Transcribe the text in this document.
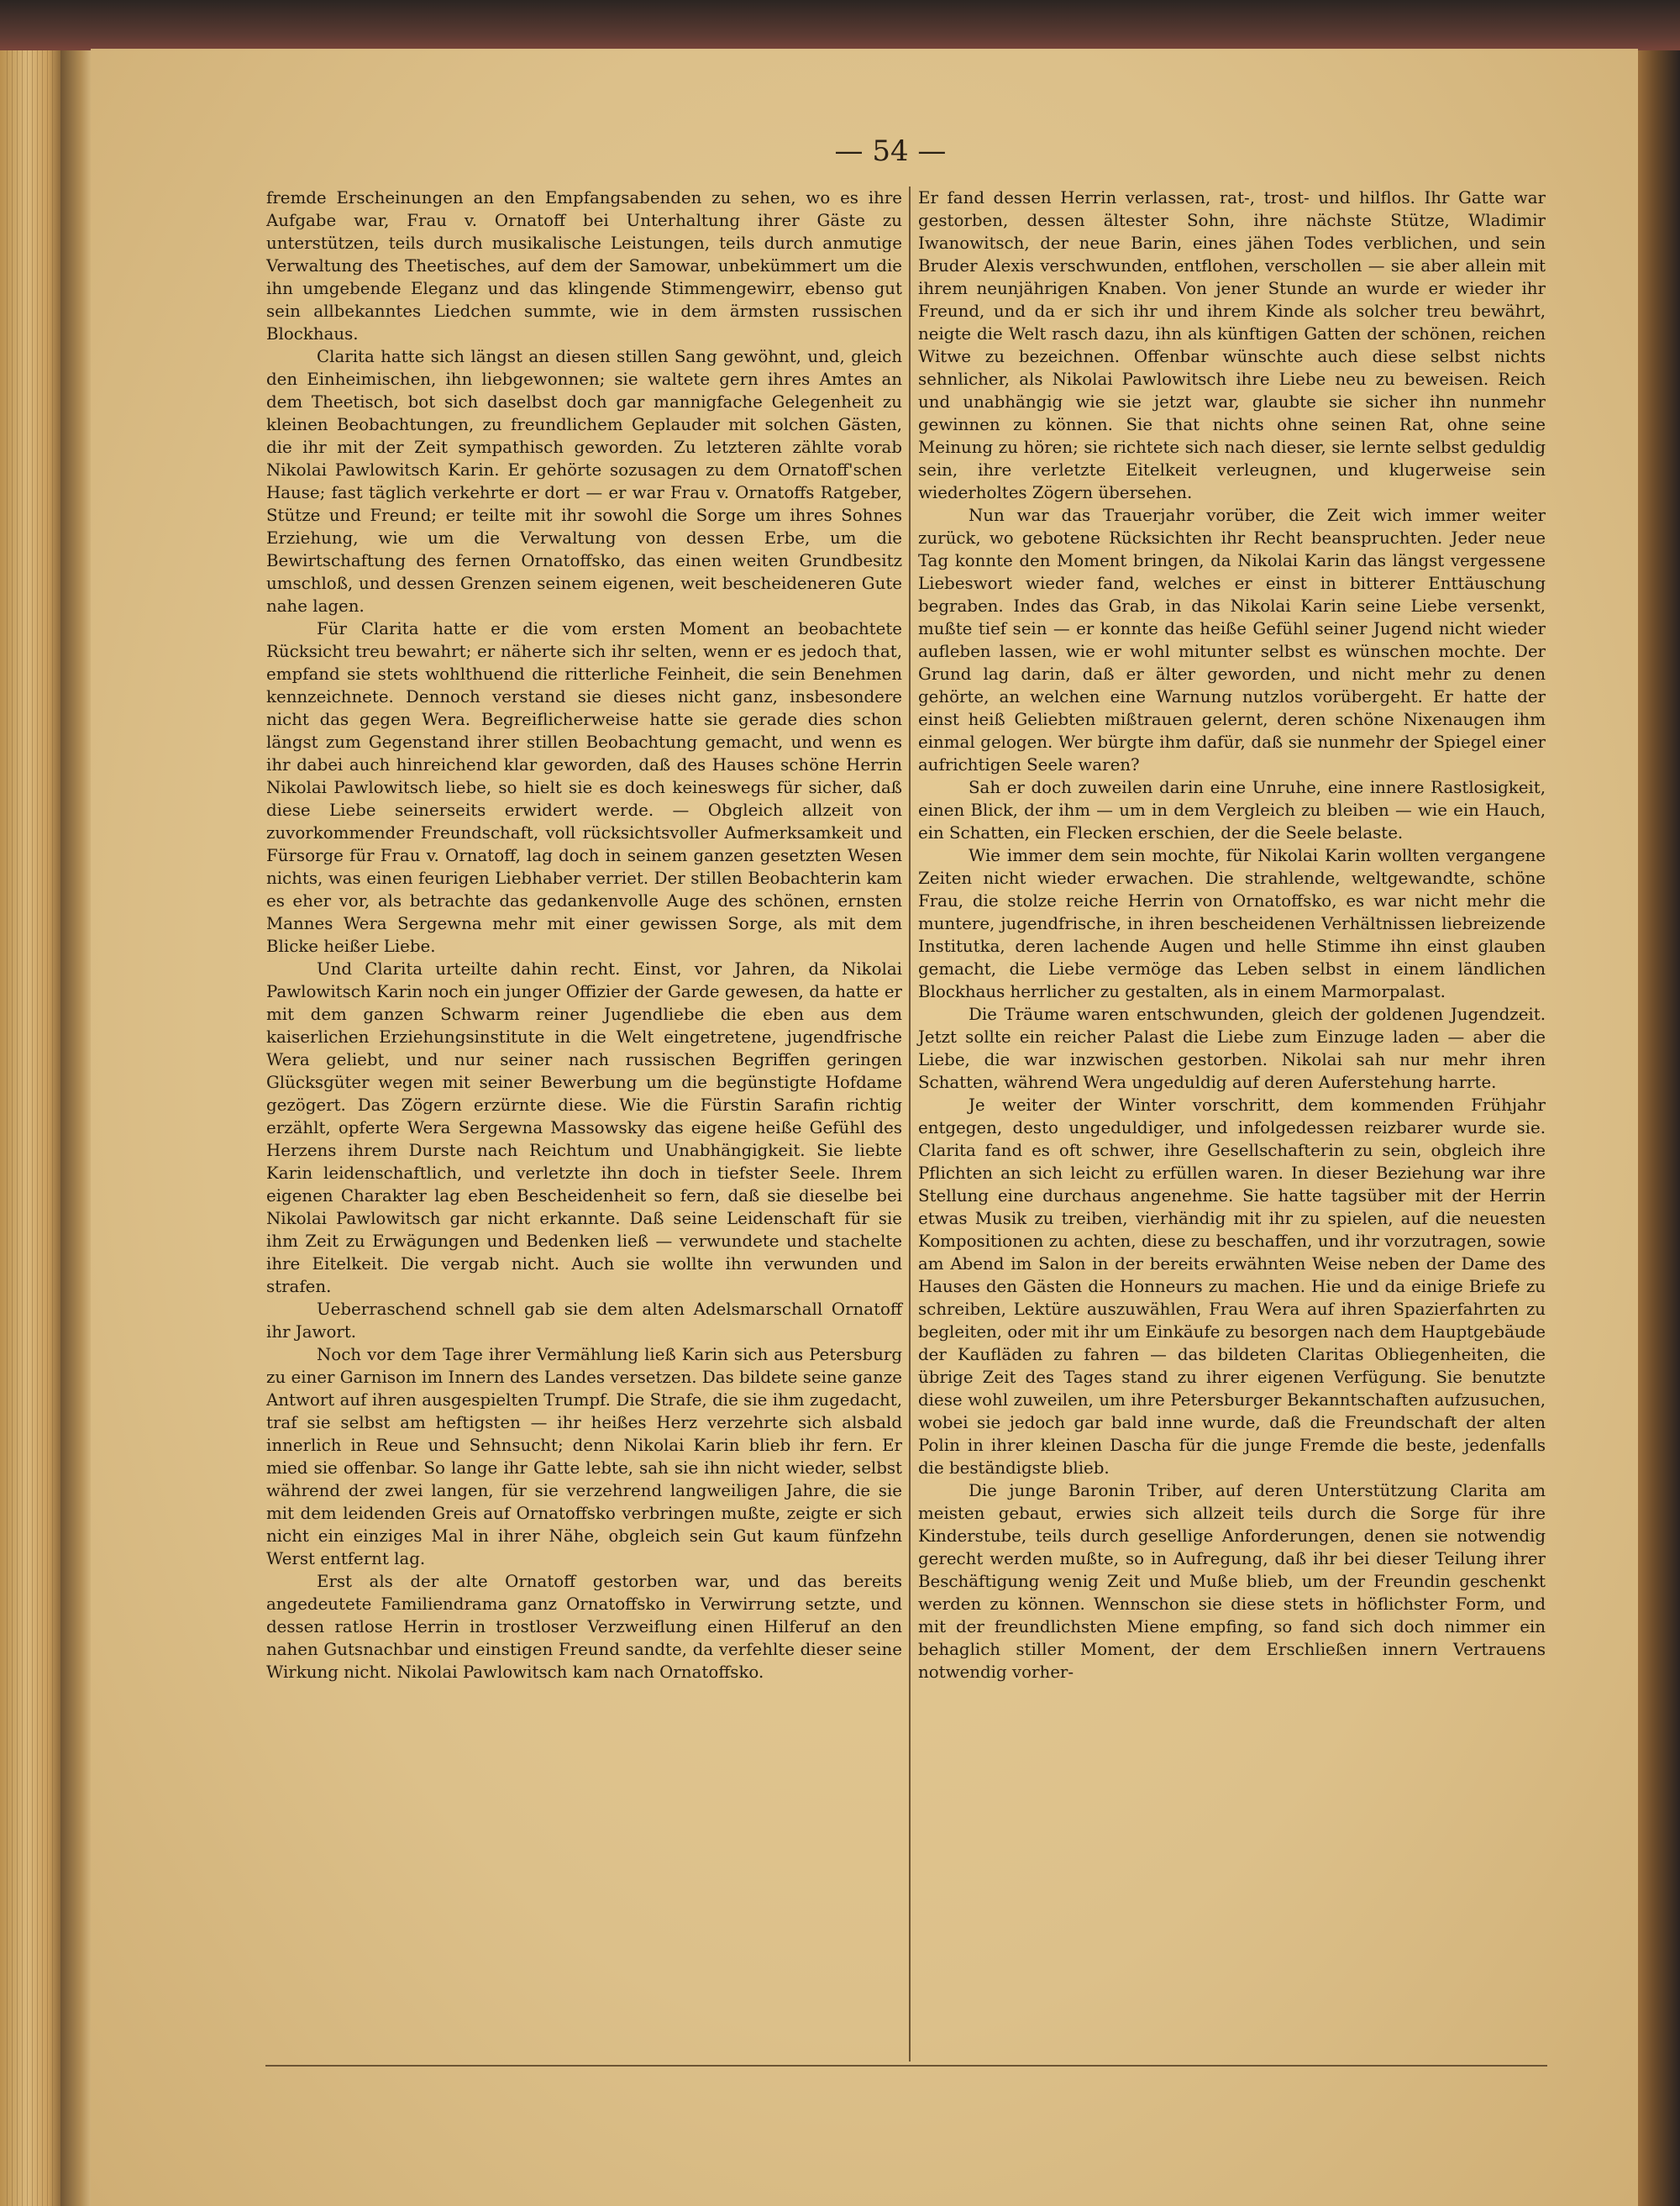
— 54 —

fremde Erscheinungen an den Empfangsabenden zu sehen, wo es ihre Aufgabe war, Frau v. Ornatoff bei Unterhaltung ihrer Gäste zu unterstützen, teils durch musikalische Leistungen, teils durch anmutige Verwaltung des Theetisches, auf dem der Samowar, unbekümmert um die ihn umgebende Eleganz und das klingende Stimmengewirr, ebenso gut sein allbekanntes Liedchen summte, wie in dem ärmsten russischen Blockhaus.

Clarita hatte sich längst an diesen stillen Sang gewöhnt, und, gleich den Einheimischen, ihn liebgewonnen; sie waltete gern ihres Amtes an dem Theetisch, bot sich daselbst doch gar mannigfache Gelegenheit zu kleinen Beobachtungen, zu freundlichem Geplauder mit solchen Gästen, die ihr mit der Zeit sympathisch geworden. Zu letzteren zählte vorab Nikolai Pawlowitsch Karin. Er gehörte sozusagen zu dem Ornatoff'schen Hause; fast täglich verkehrte er dort — er war Frau v. Ornatoffs Ratgeber, Stütze und Freund; er teilte mit ihr sowohl die Sorge um ihres Sohnes Erziehung, wie um die Verwaltung von dessen Erbe, um die Bewirtschaftung des fernen Ornatoffsko, das einen weiten Grundbesitz umschloß, und dessen Grenzen seinem eigenen, weit bescheideneren Gute nahe lagen.

Für Clarita hatte er die vom ersten Moment an beobachtete Rücksicht treu bewahrt; er näherte sich ihr selten, wenn er es jedoch that, empfand sie stets wohlthuend die ritterliche Feinheit, die sein Benehmen kennzeichnete. Dennoch verstand sie dieses nicht ganz, insbesondere nicht das gegen Wera. Begreiflicherweise hatte sie gerade dies schon längst zum Gegenstand ihrer stillen Beobachtung gemacht, und wenn es ihr dabei auch hinreichend klar geworden, daß des Hauses schöne Herrin Nikolai Pawlowitsch liebe, so hielt sie es doch keineswegs für sicher, daß diese Liebe seinerseits erwidert werde. — Obgleich allzeit von zuvorkommender Freundschaft, voll rücksichtsvoller Aufmerksamkeit und Fürsorge für Frau v. Ornatoff, lag doch in seinem ganzen gesetzten Wesen nichts, was einen feurigen Liebhaber verriet. Der stillen Beobachterin kam es eher vor, als betrachte das gedankenvolle Auge des schönen, ernsten Mannes Wera Sergewna mehr mit einer gewissen Sorge, als mit dem Blicke heißer Liebe.

Und Clarita urteilte dahin recht. Einst, vor Jahren, da Nikolai Pawlowitsch Karin noch ein junger Offizier der Garde gewesen, da hatte er mit dem ganzen Schwarm reiner Jugendliebe die eben aus dem kaiserlichen Erziehungsinstitute in die Welt eingetretene, jugendfrische Wera geliebt, und nur seiner nach russischen Begriffen geringen Glücksgüter wegen mit seiner Bewerbung um die begünstigte Hofdame gezögert. Das Zögern erzürnte diese. Wie die Fürstin Sarafin richtig erzählt, opferte Wera Sergewna Massowsky das eigene heiße Gefühl des Herzens ihrem Durste nach Reichtum und Unabhängigkeit. Sie liebte Karin leidenschaftlich, und verletzte ihn doch in tiefster Seele. Ihrem eigenen Charakter lag eben Bescheidenheit so fern, daß sie dieselbe bei Nikolai Pawlowitsch gar nicht erkannte. Daß seine Leidenschaft für sie ihm Zeit zu Erwägungen und Bedenken ließ — verwundete und stachelte ihre Eitelkeit. Die vergab nicht. Auch sie wollte ihn verwunden und strafen.

Ueberraschend schnell gab sie dem alten Adelsmarschall Ornatoff ihr Jawort.

Noch vor dem Tage ihrer Vermählung ließ Karin sich aus Petersburg zu einer Garnison im Innern des Landes versetzen. Das bildete seine ganze Antwort auf ihren ausgespielten Trumpf. Die Strafe, die sie ihm zugedacht, traf sie selbst am heftigsten — ihr heißes Herz verzehrte sich alsbald innerlich in Reue und Sehnsucht; denn Nikolai Karin blieb ihr fern. Er mied sie offenbar. So lange ihr Gatte lebte, sah sie ihn nicht wieder, selbst während der zwei langen, für sie verzehrend langweiligen Jahre, die sie mit dem leidenden Greis auf Ornatoffsko verbringen mußte, zeigte er sich nicht ein einziges Mal in ihrer Nähe, obgleich sein Gut kaum fünfzehn Werst entfernt lag.

Erst als der alte Ornatoff gestorben war, und das bereits angedeutete Familiendrama ganz Ornatoffsko in Verwirrung setzte, und dessen ratlose Herrin in trostloser Verzweiflung einen Hilferuf an den nahen Gutsnachbar und einstigen Freund sandte, da verfehlte dieser seine Wirkung nicht. Nikolai Pawlowitsch kam nach Ornatoffsko.

Er fand dessen Herrin verlassen, rat-, trost- und hilflos. Ihr Gatte war gestorben, dessen ältester Sohn, ihre nächste Stütze, Wladimir Iwanowitsch, der neue Barin, eines jähen Todes verblichen, und sein Bruder Alexis verschwunden, entflohen, verschollen — sie aber allein mit ihrem neunjährigen Knaben. Von jener Stunde an wurde er wieder ihr Freund, und da er sich ihr und ihrem Kinde als solcher treu bewährt, neigte die Welt rasch dazu, ihn als künftigen Gatten der schönen, reichen Witwe zu bezeichnen. Offenbar wünschte auch diese selbst nichts sehnlicher, als Nikolai Pawlowitsch ihre Liebe neu zu beweisen. Reich und unabhängig wie sie jetzt war, glaubte sie sicher ihn nunmehr gewinnen zu können. Sie that nichts ohne seinen Rat, ohne seine Meinung zu hören; sie richtete sich nach dieser, sie lernte selbst geduldig sein, ihre verletzte Eitelkeit verleugnen, und klugerweise sein wiederholtes Zögern übersehen.

Nun war das Trauerjahr vorüber, die Zeit wich immer weiter zurück, wo gebotene Rücksichten ihr Recht beanspruchten. Jeder neue Tag konnte den Moment bringen, da Nikolai Karin das längst vergessene Liebeswort wieder fand, welches er einst in bitterer Enttäuschung begraben. Indes das Grab, in das Nikolai Karin seine Liebe versenkt, mußte tief sein — er konnte das heiße Gefühl seiner Jugend nicht wieder aufleben lassen, wie er wohl mitunter selbst es wünschen mochte. Der Grund lag darin, daß er älter geworden, und nicht mehr zu denen gehörte, an welchen eine Warnung nutzlos vorübergeht. Er hatte der einst heiß Geliebten mißtrauen gelernt, deren schöne Nixenaugen ihm einmal gelogen. Wer bürgte ihm dafür, daß sie nunmehr der Spiegel einer aufrichtigen Seele waren?

Sah er doch zuweilen darin eine Unruhe, eine innere Rastlosigkeit, einen Blick, der ihm — um in dem Vergleich zu bleiben — wie ein Hauch, ein Schatten, ein Flecken erschien, der die Seele belaste.

Wie immer dem sein mochte, für Nikolai Karin wollten vergangene Zeiten nicht wieder erwachen. Die strahlende, weltgewandte, schöne Frau, die stolze reiche Herrin von Ornatoffsko, es war nicht mehr die muntere, jugendfrische, in ihren bescheidenen Verhältnissen liebreizende Institutka, deren lachende Augen und helle Stimme ihn einst glauben gemacht, die Liebe vermöge das Leben selbst in einem ländlichen Blockhaus herrlicher zu gestalten, als in einem Marmorpalast.

Die Träume waren entschwunden, gleich der goldenen Jugendzeit. Jetzt sollte ein reicher Palast die Liebe zum Einzuge laden — aber die Liebe, die war inzwischen gestorben. Nikolai sah nur mehr ihren Schatten, während Wera ungeduldig auf deren Auferstehung harrte.

Je weiter der Winter vorschritt, dem kommenden Frühjahr entgegen, desto ungeduldiger, und infolgedessen reizbarer wurde sie. Clarita fand es oft schwer, ihre Gesellschafterin zu sein, obgleich ihre Pflichten an sich leicht zu erfüllen waren. In dieser Beziehung war ihre Stellung eine durchaus angenehme. Sie hatte tagsüber mit der Herrin etwas Musik zu treiben, vierhändig mit ihr zu spielen, auf die neuesten Kompositionen zu achten, diese zu beschaffen, und ihr vorzutragen, sowie am Abend im Salon in der bereits erwähnten Weise neben der Dame des Hauses den Gästen die Honneurs zu machen. Hie und da einige Briefe zu schreiben, Lektüre auszuwählen, Frau Wera auf ihren Spazierfahrten zu begleiten, oder mit ihr um Einkäufe zu besorgen nach dem Hauptgebäude der Kaufläden zu fahren — das bildeten Claritas Obliegenheiten, die übrige Zeit des Tages stand zu ihrer eigenen Verfügung. Sie benutzte diese wohl zuweilen, um ihre Petersburger Bekanntschaften aufzusuchen, wobei sie jedoch gar bald inne wurde, daß die Freundschaft der alten Polin in ihrer kleinen Dascha für die junge Fremde die beste, jedenfalls die beständigste blieb.

Die junge Baronin Triber, auf deren Unterstützung Clarita am meisten gebaut, erwies sich allzeit teils durch die Sorge für ihre Kinderstube, teils durch gesellige Anforderungen, denen sie notwendig gerecht werden mußte, so in Aufregung, daß ihr bei dieser Teilung ihrer Beschäftigung wenig Zeit und Muße blieb, um der Freundin geschenkt werden zu können. Wennschon sie diese stets in höflichster Form, und mit der freundlichsten Miene empfing, so fand sich doch nimmer ein behaglich stiller Moment, der dem Erschließen innern Vertrauens notwendig vorher-
